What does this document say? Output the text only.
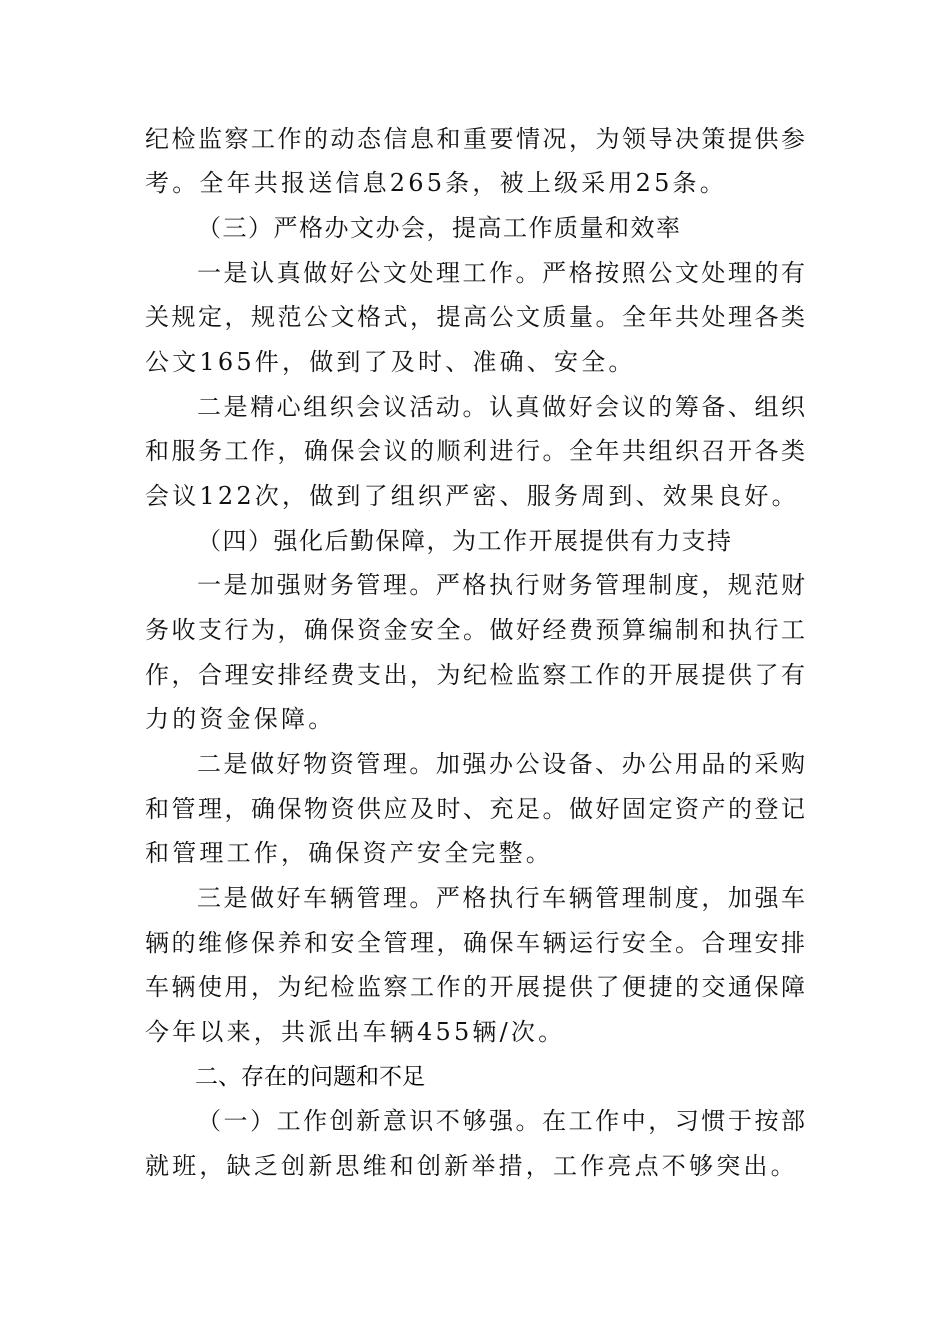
纪检监察工作的动态信息和重要情况，为领导决策提供参
考。全年共报送信息265条，被上级采用25条。
（三）严格办文办会，提高工作质量和效率
一是认真做好公文处理工作。严格按照公文处理的有
关规定，规范公文格式，提高公文质量。全年共处理各类
公文165件，做到了及时、准确、安全。
二是精心组织会议活动。认真做好会议的筹备、组织
和服务工作，确保会议的顺利进行。全年共组织召开各类
会议122次，做到了组织严密、服务周到、效果良好。
（四）强化后勤保障，为工作开展提供有力支持
一是加强财务管理。严格执行财务管理制度，规范财
务收支行为，确保资金安全。做好经费预算编制和执行工
作，合理安排经费支出，为纪检监察工作的开展提供了有
力的资金保障。
二是做好物资管理。加强办公设备、办公用品的采购
和管理，确保物资供应及时、充足。做好固定资产的登记
和管理工作，确保资产安全完整。
三是做好车辆管理。严格执行车辆管理制度，加强车
辆的维修保养和安全管理，确保车辆运行安全。合理安排
车辆使用，为纪检监察工作的开展提供了便捷的交通保障
今年以来，共派出车辆455辆/次。
二、存在的问题和不足
（一）工作创新意识不够强。在工作中，习惯于按部
就班，缺乏创新思维和创新举措，工作亮点不够突出。
